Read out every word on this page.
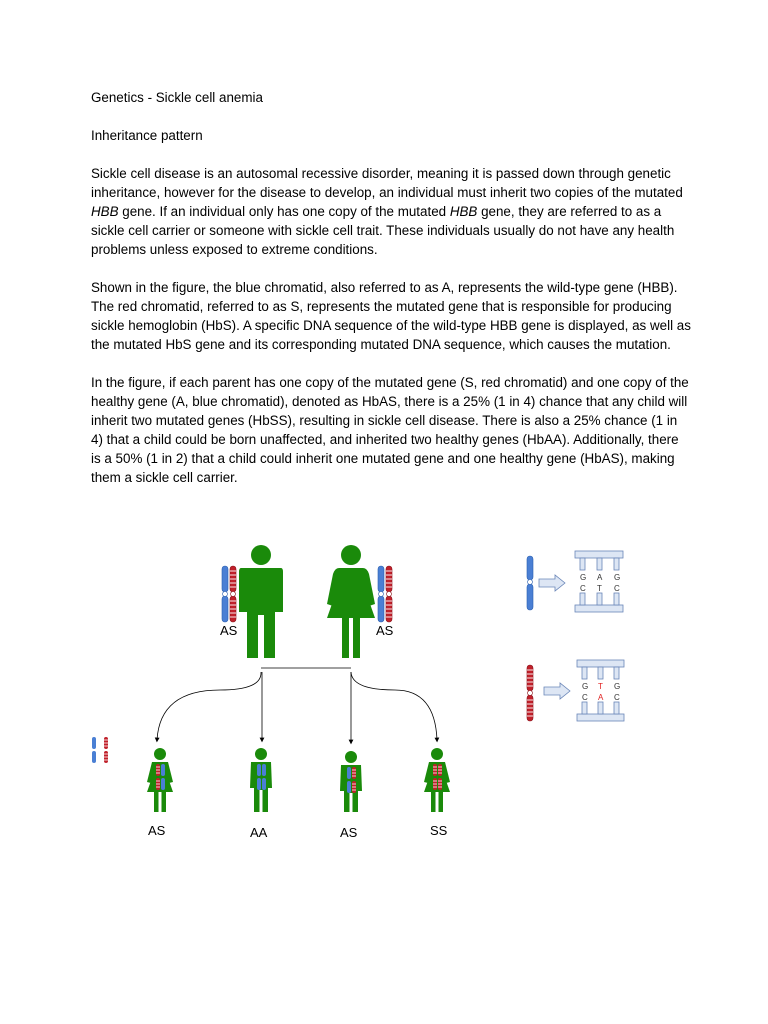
Genetics - Sickle cell anemia

Inheritance pattern

Sickle cell disease is an autosomal recessive disorder, meaning it is passed down through genetic inheritance, however for the disease to develop, an individual must inherit two copies of the mutated HBB gene. If an individual only has one copy of the mutated HBB gene, they are referred to as a sickle cell carrier or someone with sickle cell trait. These individuals usually do not have any health problems unless exposed to extreme conditions.

Shown in the figure, the blue chromatid, also referred to as A, represents the wild-type gene (HBB). The red chromatid, referred to as S, represents the mutated gene that is responsible for producing sickle hemoglobin (HbS). A specific DNA sequence of the wild-type HBB gene is displayed, as well as the mutated HbS gene and its corresponding mutated DNA sequence, which causes the mutation.

In the figure, if each parent has one copy of the mutated gene (S, red chromatid) and one copy of the healthy gene (A, blue chromatid), denoted as HbAS, there is a 25% (1 in 4) chance that any child will inherit two mutated genes (HbSS), resulting in sickle cell disease. There is also a 25% chance (1 in 4) that a child could be born unaffected, and inherited two healthy genes (HbAA). Additionally, there is a 50% (1 in 2) that a child could inherit one mutated gene and one healthy gene (HbAS), making them a sickle cell carrier.

AS	AS
AS	AA	AS	SS
G A G
C T C
G T G
C A C
